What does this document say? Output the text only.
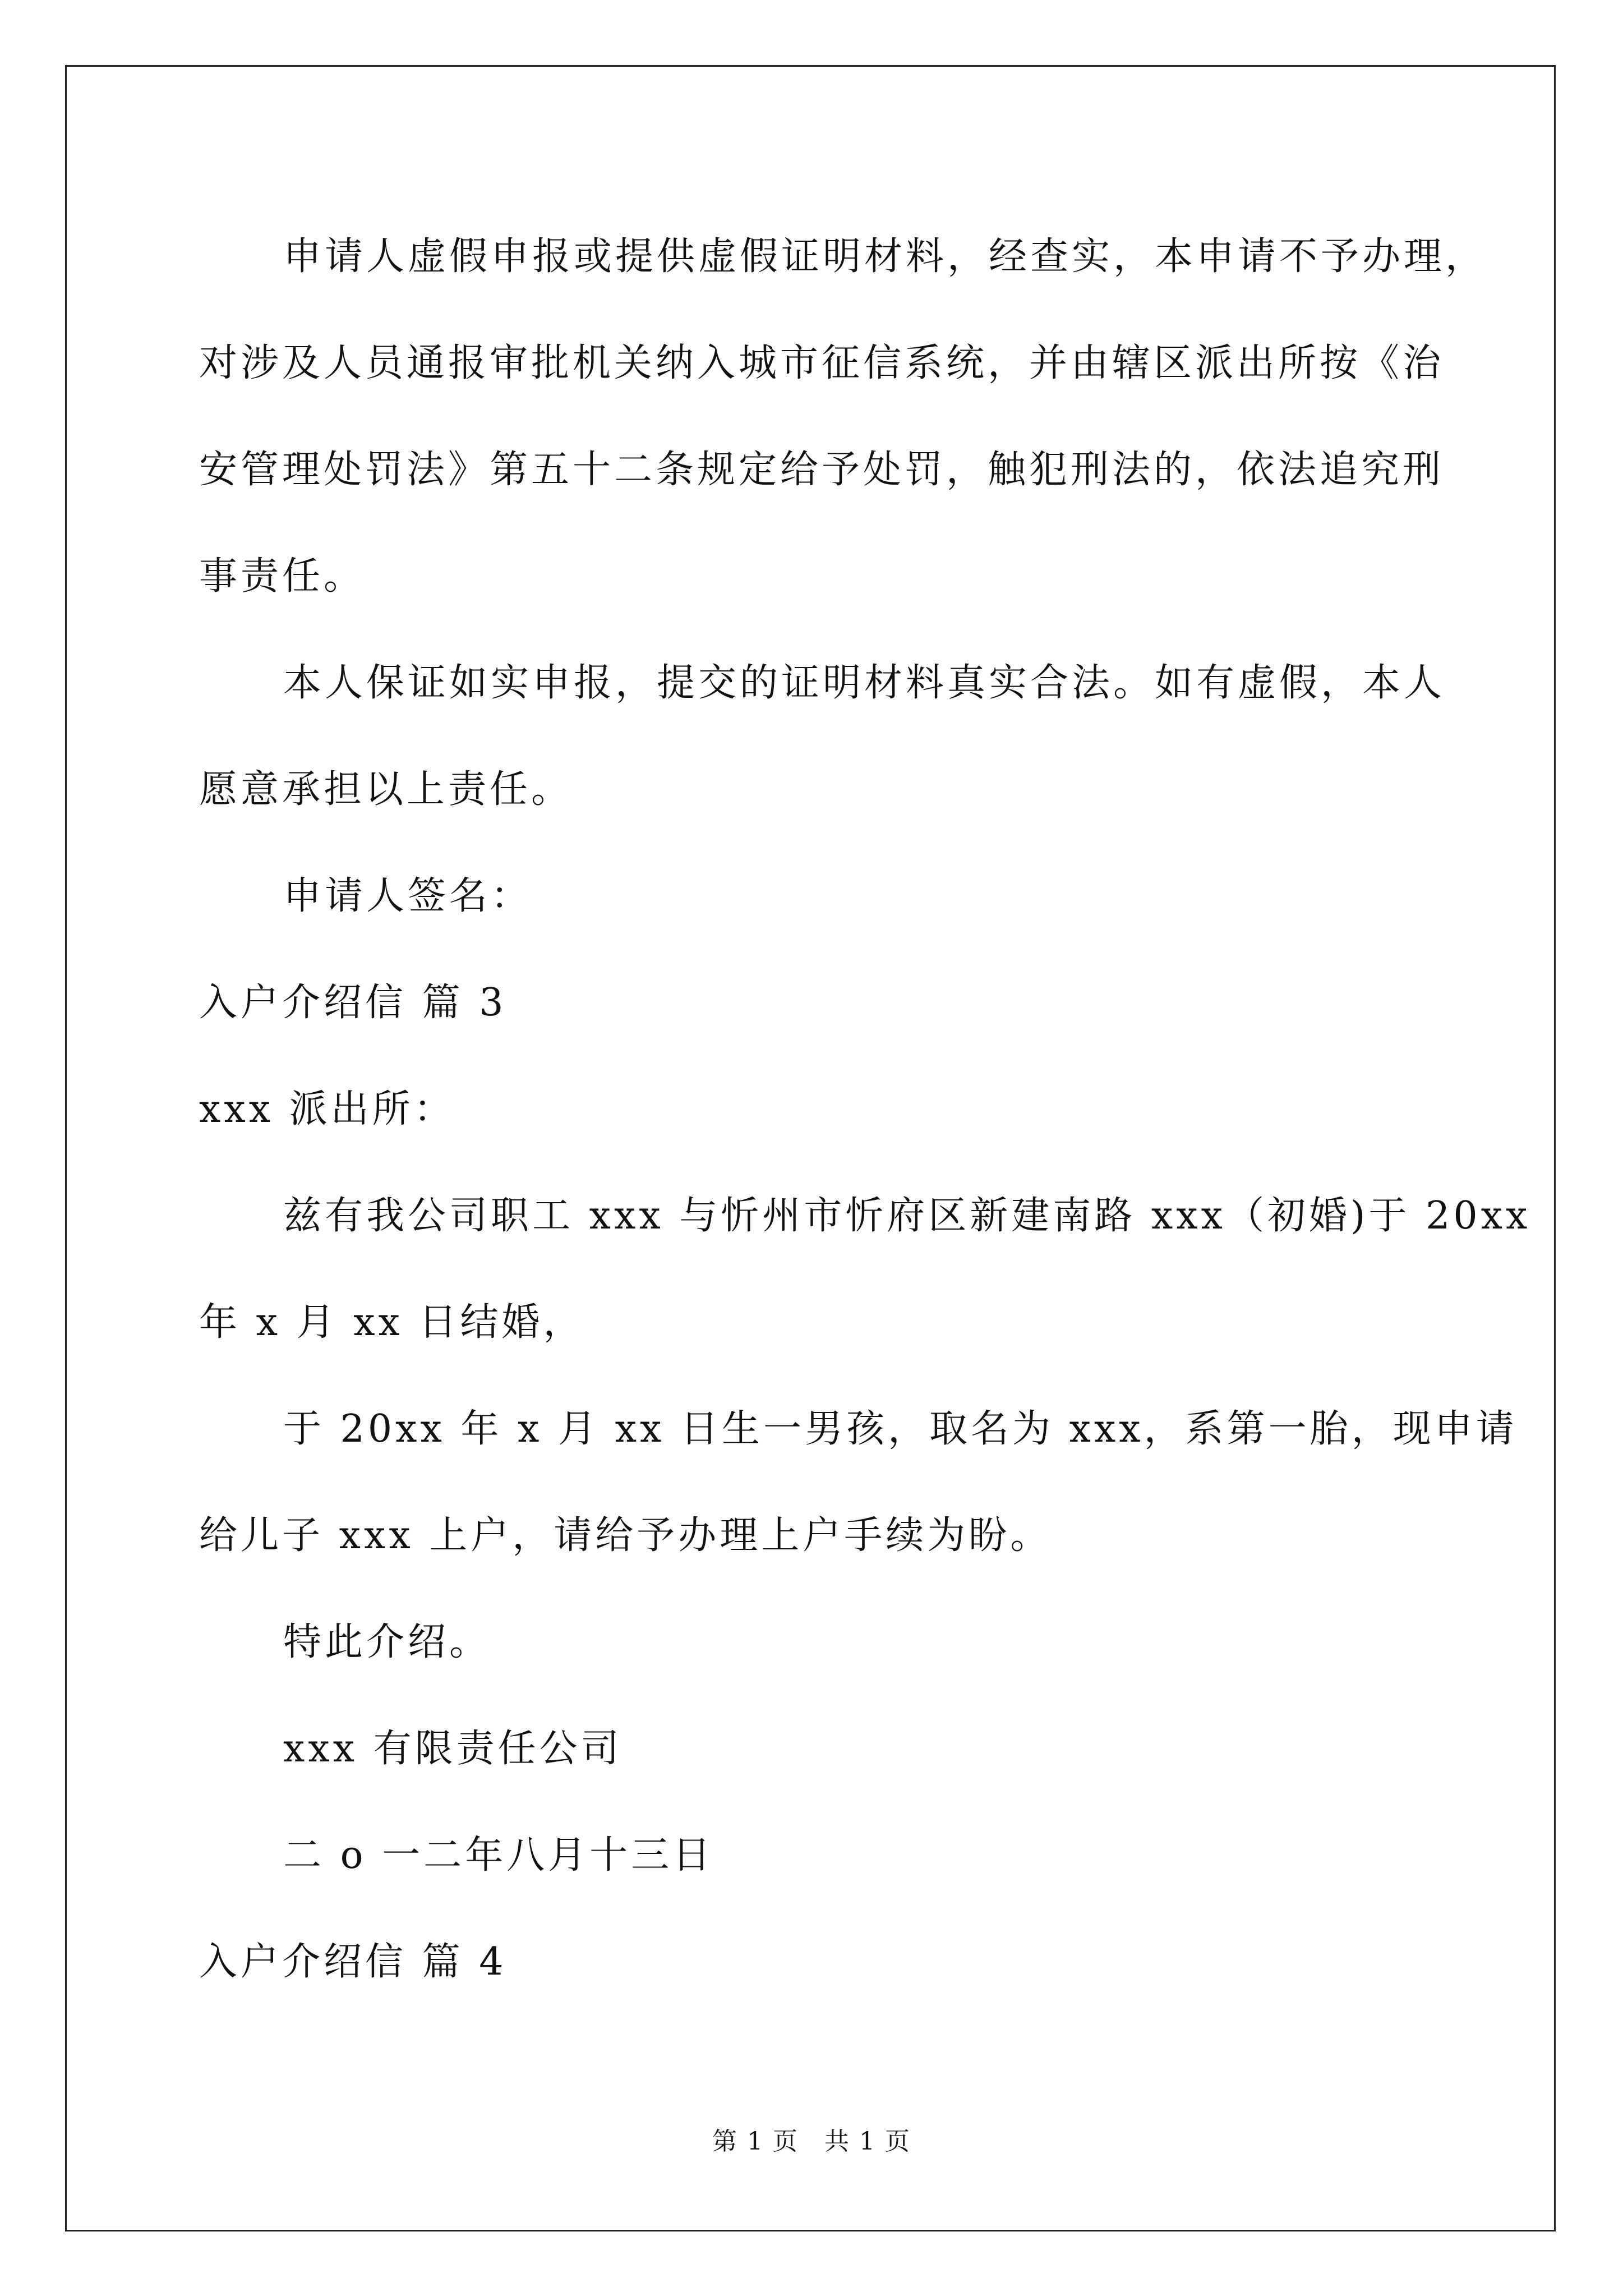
申请人虚假申报或提供虚假证明材料，经查实，本申请不予办理，
对涉及人员通报审批机关纳入城市征信系统，并由辖区派出所按《治
安管理处罚法》第五十二条规定给予处罚，触犯刑法的，依法追究刑
事责任。
本人保证如实申报，提交的证明材料真实合法。如有虚假，本人
愿意承担以上责任。
申请人签名：
入户介绍信 篇 3
xxx 派出所：
兹有我公司职工 xxx 与忻州市忻府区新建南路 xxx（初婚)于 20xx
年 x 月 xx 日结婚，
于 20xx 年 x 月 xx 日生一男孩，取名为 xxx，系第一胎，现申请
给儿子 xxx 上户，请给予办理上户手续为盼。
特此介绍。
xxx 有限责任公司
二 o 一二年八月十三日
入户介绍信 篇 4
第 1 页　共 1 页
